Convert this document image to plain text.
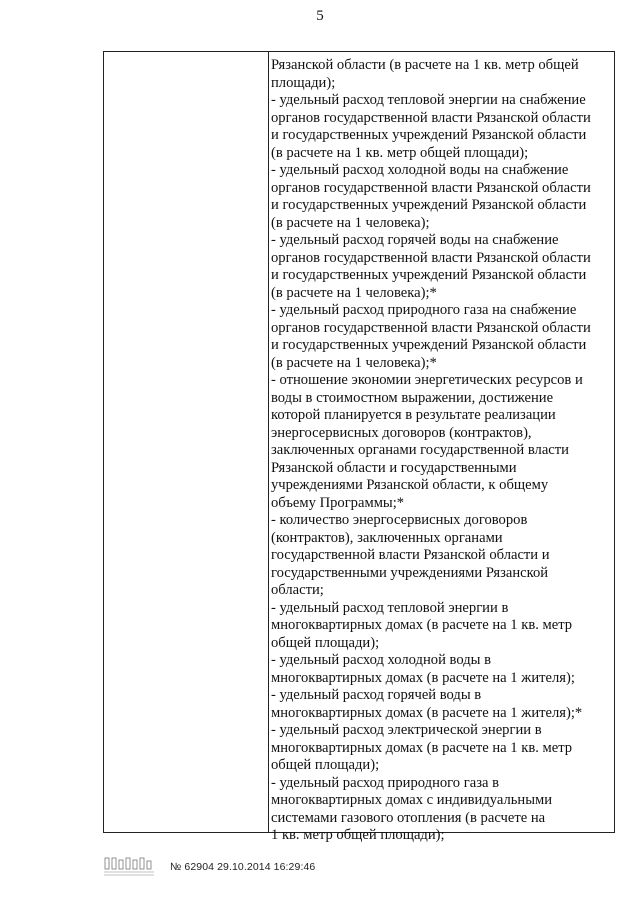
5
Рязанской области (в расчете на 1 кв. метр общей
площади);
- удельный расход тепловой энергии на снабжение
органов государственной власти Рязанской области
и государственных учреждений Рязанской области
(в расчете на 1 кв. метр общей площади);
- удельный расход холодной воды на снабжение
органов государственной власти Рязанской области
и государственных учреждений Рязанской области
(в расчете на 1 человека);
- удельный расход горячей воды на снабжение
органов государственной власти Рязанской области
и государственных учреждений Рязанской области
(в расчете на 1 человека);*
- удельный расход природного газа на снабжение
органов государственной власти Рязанской области
и государственных учреждений Рязанской области
(в расчете на 1 человека);*
- отношение экономии энергетических ресурсов и
воды в стоимостном выражении, достижение
которой планируется в результате реализации
энергосервисных договоров (контрактов),
заключенных органами государственной власти
Рязанской области и государственными
учреждениями Рязанской области, к общему
объему Программы;*
- количество энергосервисных договоров
(контрактов), заключенных органами
государственной власти Рязанской области и
государственными учреждениями Рязанской
области;
- удельный расход тепловой энергии в
многоквартирных домах (в расчете на 1 кв. метр
общей площади);
- удельный расход холодной воды в
многоквартирных домах (в расчете на 1 жителя);
- удельный расход горячей воды в
многоквартирных домах (в расчете на 1 жителя);*
- удельный расход электрической энергии в
многоквартирных домах (в расчете на 1 кв. метр
общей площади);
- удельный расход природного газа в
многоквартирных домах с индивидуальными
системами газового отопления (в расчете на
1 кв. метр общей площади);
№ 62904 29.10.2014 16:29:46
